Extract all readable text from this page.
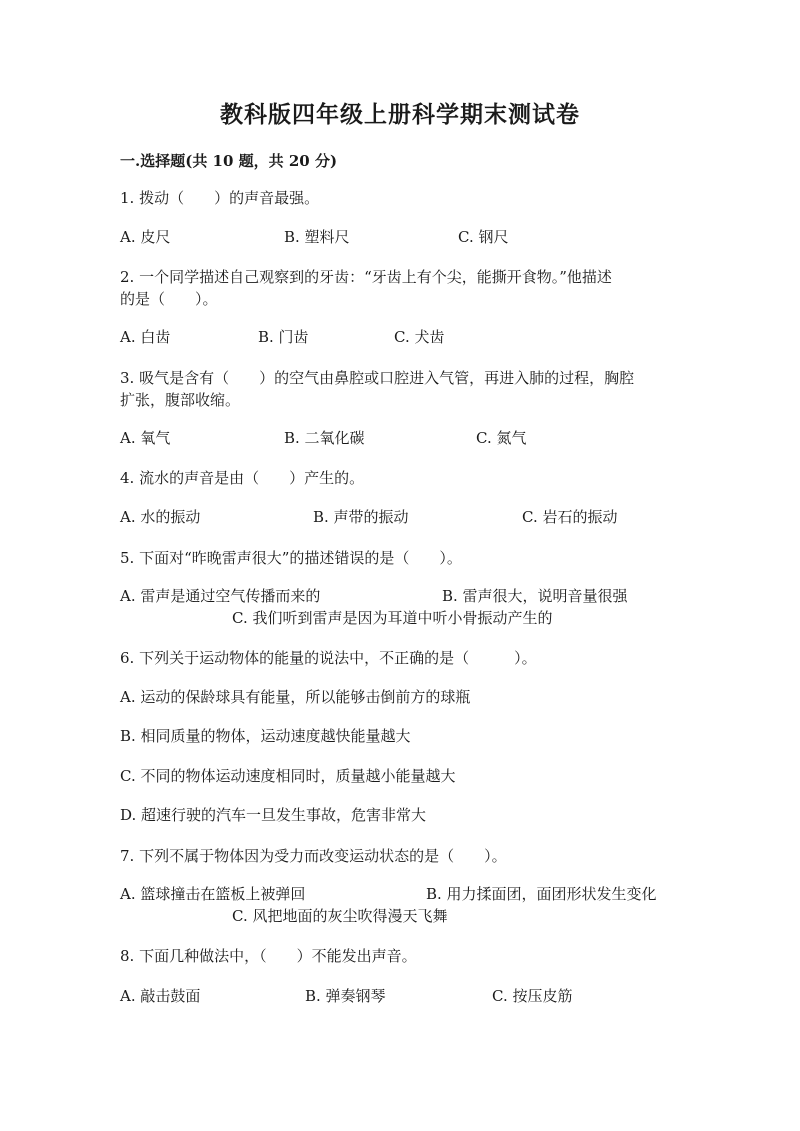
教科版四年级上册科学期末测试卷
一.选择题(共 10 题，共 20 分)
1. 拨动（　　）的声音最强。
A. 皮尺	B. 塑料尺	C. 钢尺
2. 一个同学描述自己观察到的牙齿：“牙齿上有个尖，能撕开食物。”他描述
的是（　　）。
A. 白齿	B. 门齿	C. 犬齿
3. 吸气是含有（　　）的空气由鼻腔或口腔进入气管，再进入肺的过程，胸腔
扩张，腹部收缩。
A. 氧气	B. 二氧化碳	C. 氮气
4. 流水的声音是由（　　）产生的。
A. 水的振动	B. 声带的振动	C. 岩石的振动
5. 下面对“昨晚雷声很大”的描述错误的是（　　）。
A. 雷声是通过空气传播而来的	B. 雷声很大，说明音量很强
C. 我们听到雷声是因为耳道中听小骨振动产生的
6. 下列关于运动物体的能量的说法中，不正确的是（　　　）。
A. 运动的保龄球具有能量，所以能够击倒前方的球瓶
B. 相同质量的物体，运动速度越快能量越大
C. 不同的物体运动速度相同时，质量越小能量越大
D. 超速行驶的汽车一旦发生事故，危害非常大
7. 下列不属于物体因为受力而改变运动状态的是（　　）。
A. 篮球撞击在篮板上被弹回	B. 用力揉面团，面团形状发生变化
C. 风把地面的灰尘吹得漫天飞舞
8. 下面几种做法中，（　　）不能发出声音。
A. 敲击鼓面	B. 弹奏钢琴	C. 按压皮筋
